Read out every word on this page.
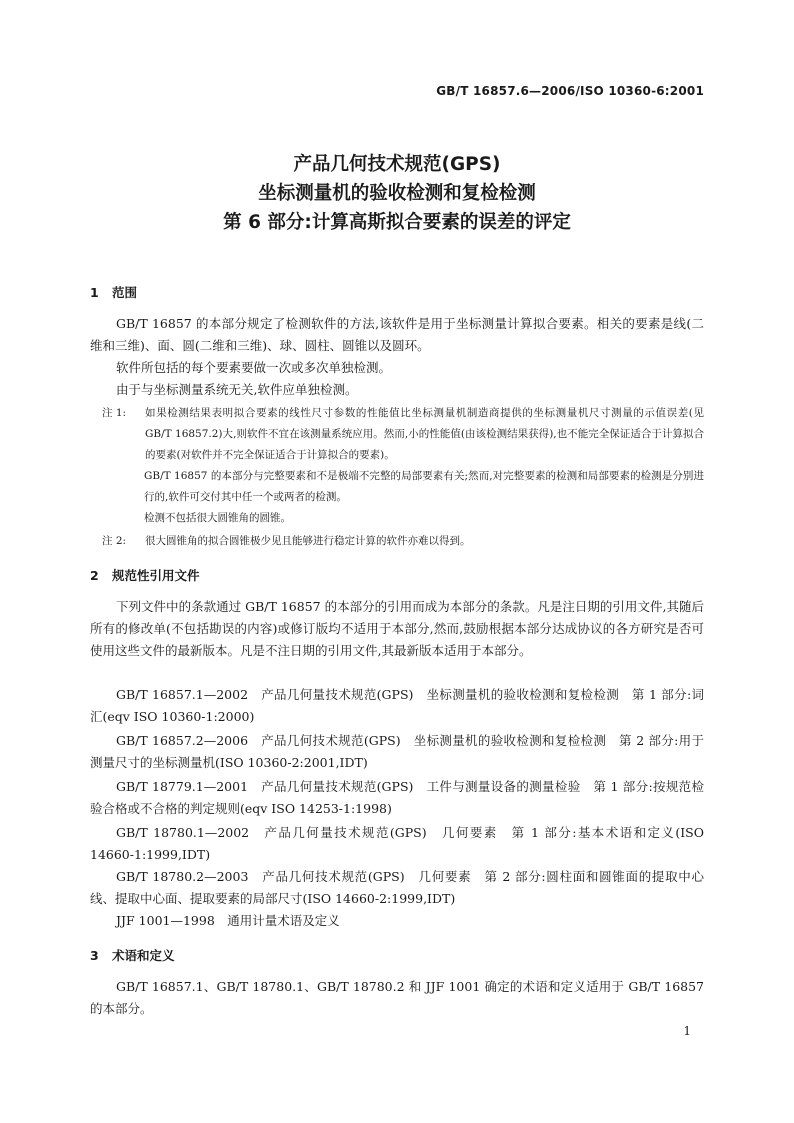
GB/T 16857.6—2006/ISO 10360-6:2001
产品几何技术规范(GPS)
坐标测量机的验收检测和复检检测
第 6 部分:计算高斯拟合要素的误差的评定
1 范围
GB/T 16857 的本部分规定了检测软件的方法,该软件是用于坐标测量计算拟合要素。相关的要素是线(二维和三维)、面、圆(二维和三维)、球、圆柱、圆锥以及圆环。
软件所包括的每个要素要做一次或多次单独检测。
由于与坐标测量系统无关,软件应单独检测。
注 1: 如果检测结果表明拟合要素的线性尺寸参数的性能值比坐标测量机制造商提供的坐标测量机尺寸测量的示值误差(见 GB/T 16857.2)大,则软件不宜在该测量系统应用。然而,小的性能值(由该检测结果获得),也不能完全保证适合于计算拟合的要素(对软件并不完全保证适合于计算拟合的要素)。
GB/T 16857 的本部分与完整要素和不是极端不完整的局部要素有关;然而,对完整要素的检测和局部要素的检测是分别进行的,软件可交付其中任一个或两者的检测。
检测不包括很大圆锥角的圆锥。
注 2: 很大圆锥角的拟合圆锥极少见且能够进行稳定计算的软件亦难以得到。
2 规范性引用文件
下列文件中的条款通过 GB/T 16857 的本部分的引用而成为本部分的条款。凡是注日期的引用文件,其随后所有的修改单(不包括勘误的内容)或修订版均不适用于本部分,然而,鼓励根据本部分达成协议的各方研究是否可使用这些文件的最新版本。凡是不注日期的引用文件,其最新版本适用于本部分。
GB/T 16857.1—2002　产品几何量技术规范(GPS)　坐标测量机的验收检测和复检检测　第 1 部分:词汇(eqv ISO 10360-1:2000)
GB/T 16857.2—2006　产品几何技术规范(GPS)　坐标测量机的验收检测和复检检测　第 2 部分:用于测量尺寸的坐标测量机(ISO 10360-2:2001,IDT)
GB/T 18779.1—2001　产品几何量技术规范(GPS)　工件与测量设备的测量检验　第 1 部分:按规范检验合格或不合格的判定规则(eqv ISO 14253-1:1998)
GB/T 18780.1—2002　产品几何量技术规范(GPS)　几何要素　第 1 部分:基本术语和定义(ISO 14660-1:1999,IDT)
GB/T 18780.2—2003　产品几何技术规范(GPS)　几何要素　第 2 部分:圆柱面和圆锥面的提取中心线、提取中心面、提取要素的局部尺寸(ISO 14660-2:1999,IDT)
JJF 1001—1998　通用计量术语及定义
3 术语和定义
GB/T 16857.1、GB/T 18780.1、GB/T 18780.2 和 JJF 1001 确定的术语和定义适用于 GB/T 16857 的本部分。
1
